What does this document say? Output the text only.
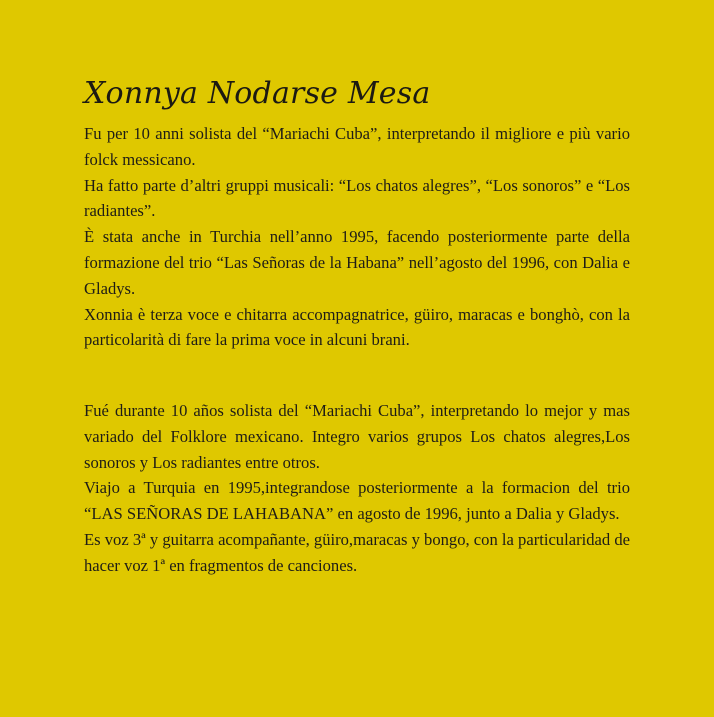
Xonnya Nodarse Mesa

Fu per 10 anni solista del “Mariachi Cuba”, interpretando il migliore e più vario folck messicano.

Ha fatto parte d’altri gruppi musicali: “Los chatos alegres”, “Los sonoros” e “Los radiantes”.

È stata anche in Turchia nell’anno 1995, facendo posteriormente parte della formazione del trio “Las Señoras de la Habana” nell’agosto del 1996, con Dalia e Gladys.

Xonnia è terza voce e chitarra accompagnatrice, güiro, maracas e bonghò, con la particolarità di fare la prima voce in alcuni brani.

Fué durante 10 años solista del “Mariachi Cuba”, interpretando lo mejor y mas variado del Folklore mexicano. Integro varios grupos Los chatos alegres,Los sonoros y Los radiantes entre otros.

Viajo a Turquia en 1995,integrandose posteriormente a la formacion del trio “LAS SEÑORAS DE LAHABANA” en agosto de 1996, junto a Dalia y Gladys.

Es voz 3ª y guitarra acompañante, güiro,maracas y bongo, con la particularidad de hacer voz 1ª en fragmentos de canciones.
